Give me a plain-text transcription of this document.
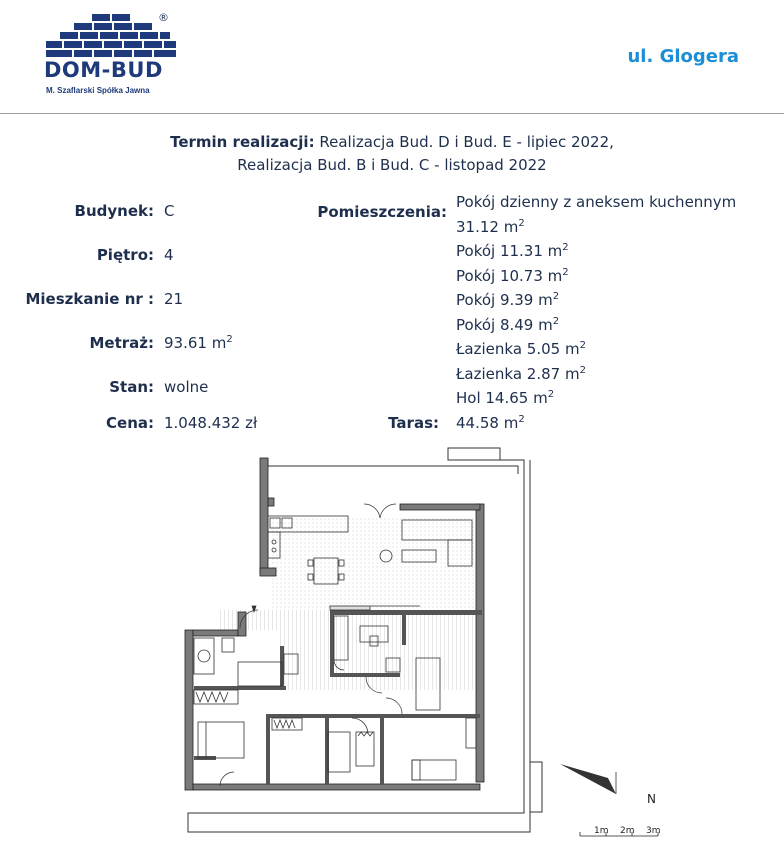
®
DOM-BUD
M. Szaflarski Spółka Jawna
ul. Glogera
Termin realizacji: Realizacja Bud. D i Bud. E - lipiec 2022,
Realizacja Bud. B i Bud. C - listopad 2022
Budynek: C
Piętro: 4
Mieszkanie nr : 21
Metraż: 93.61 $m^2$
Stan: wolne
Cena: 1.048.432 zł
Pomieszczenia:
Pokój dzienny z aneksem kuchennym
31.12 $m^2$
Pokój 11.31 $m^2$
Pokój 10.73 $m^2$
Pokój 9.39 $m^2$
Pokój 8.49 $m^2$
Łazienka 5.05 $m^2$
Łazienka 2.87 $m^2$
Hol 14.65 $m^2$
Taras: 44.58 $m^2$
N
1m 2m 3m
